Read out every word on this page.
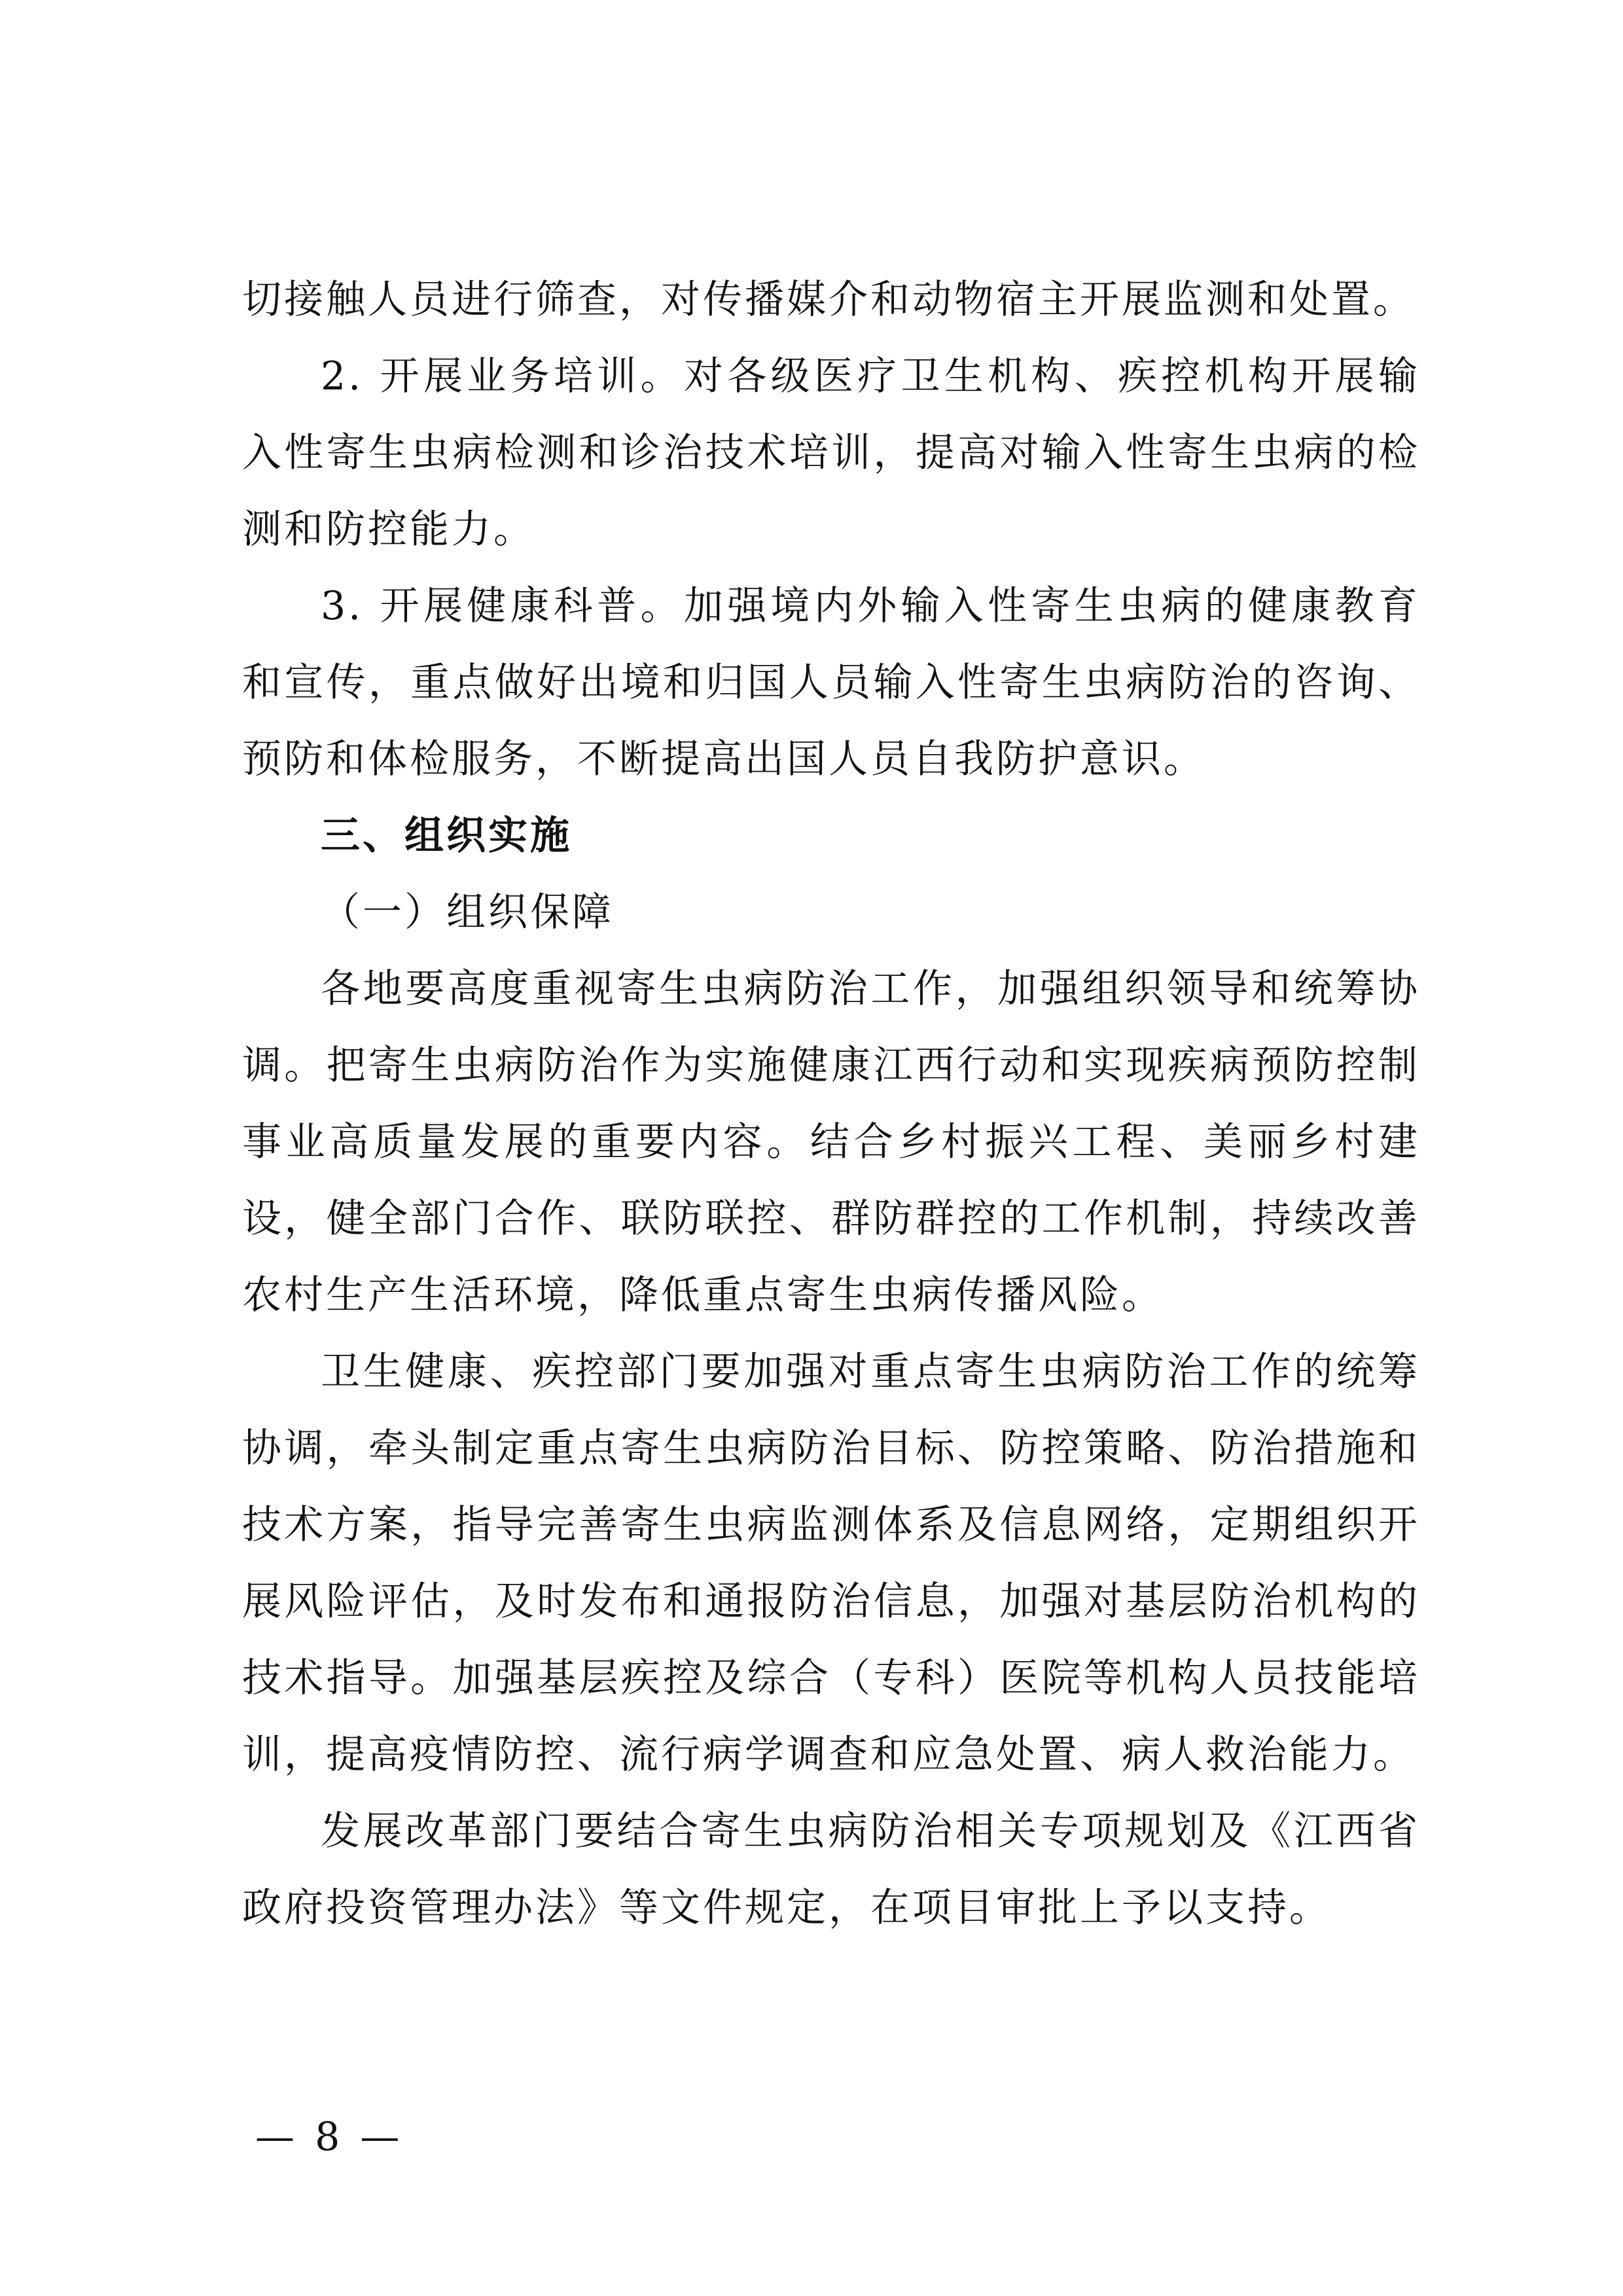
切接触人员进行筛查，对传播媒介和动物宿主开展监测和处置。

2. 开展业务培训。对各级医疗卫生机构、疾控机构开展输入性寄生虫病检测和诊治技术培训，提高对输入性寄生虫病的检测和防控能力。

3. 开展健康科普。加强境内外输入性寄生虫病的健康教育和宣传，重点做好出境和归国人员输入性寄生虫病防治的咨询、预防和体检服务，不断提高出国人员自我防护意识。

三、组织实施

（一）组织保障

各地要高度重视寄生虫病防治工作，加强组织领导和统筹协调。把寄生虫病防治作为实施健康江西行动和实现疾病预防控制事业高质量发展的重要内容。结合乡村振兴工程、美丽乡村建设，健全部门合作、联防联控、群防群控的工作机制，持续改善农村生产生活环境，降低重点寄生虫病传播风险。

卫生健康、疾控部门要加强对重点寄生虫病防治工作的统筹协调，牵头制定重点寄生虫病防治目标、防控策略、防治措施和技术方案，指导完善寄生虫病监测体系及信息网络，定期组织开展风险评估，及时发布和通报防治信息，加强对基层防治机构的技术指导。加强基层疾控及综合（专科）医院等机构人员技能培训，提高疫情防控、流行病学调查和应急处置、病人救治能力。

发展改革部门要结合寄生虫病防治相关专项规划及《江西省政府投资管理办法》等文件规定，在项目审批上予以支持。

— 8 —
